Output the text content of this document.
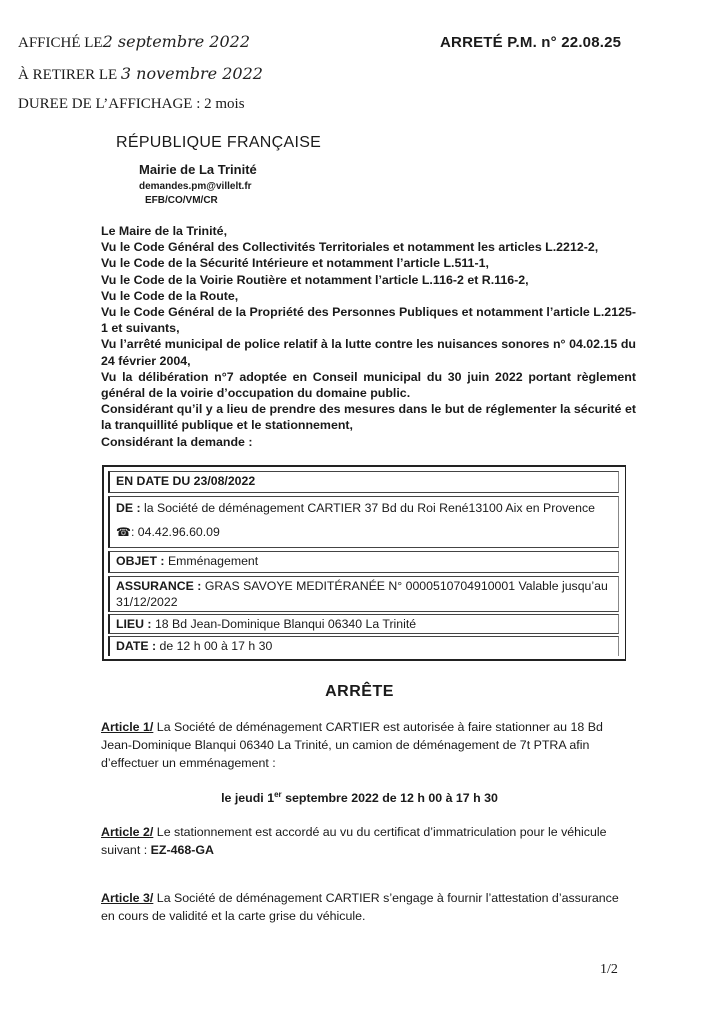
AFFICHÉ LE2 septembre 2022
À RETIRER LE 3 novembre 2022
DUREE DE L’AFFICHAGE : 2 mois
ARRETÉ P.M. n° 22.08.25
RÉPUBLIQUE FRANÇAISE
Mairie de La Trinité
demandes.pm@villelt.fr
EFB/CO/VM/CR

Le Maire de la Trinité,

Vu le Code Général des Collectivités Territoriales et notamment les articles L.2212-2,

Vu le Code de la Sécurité Intérieure et notamment l’article L.511-1,

Vu le Code de la Voirie Routière et notamment l’article L.116-2 et R.116-2,

Vu le Code de la Route,

Vu le Code Général de la Propriété des Personnes Publiques et notamment l’article L.2125-1 et suivants,

Vu l’arrêté municipal de police relatif à la lutte contre les nuisances sonores n° 04.02.15 du 24 février 2004,

Vu la délibération n°7 adoptée en Conseil municipal du 30 juin 2022 portant règlement général de la voirie d’occupation du domaine public.

Considérant qu’il y a lieu de prendre des mesures dans le but de réglementer la sécurité et la tranquillité publique et le stationnement,

Considérant la demande :

EN DATE DU 23/08/2022
DE : la Société de déménagement CARTIER 37 Bd du Roi René13100 Aix en Provence
☎: 04.42.96.60.09
OBJET : Emménagement
ASSURANCE : GRAS SAVOYE MEDITÉRANÉE N° 0000510704910001 Valable jusqu’au 31/12/2022
LIEU : 18 Bd Jean-Dominique Blanqui 06340 La Trinité
DATE : de 12 h 00 à 17 h 30
ARRÊTE

Article 1/ La Société de déménagement CARTIER est autorisée à faire stationner au 18 Bd Jean-Dominique Blanqui 06340 La Trinité, un camion de déménagement de 7t PTRA afin d’effectuer un emménagement :

le jeudi 1er septembre 2022 de 12 h 00 à 17 h 30

Article 2/ Le stationnement est accordé au vu du certificat d’immatriculation pour le véhicule suivant : EZ-468-GA

Article 3/ La Société de déménagement CARTIER s’engage à fournir l’attestation d’assurance en cours de validité et la carte grise du véhicule.

1/2
